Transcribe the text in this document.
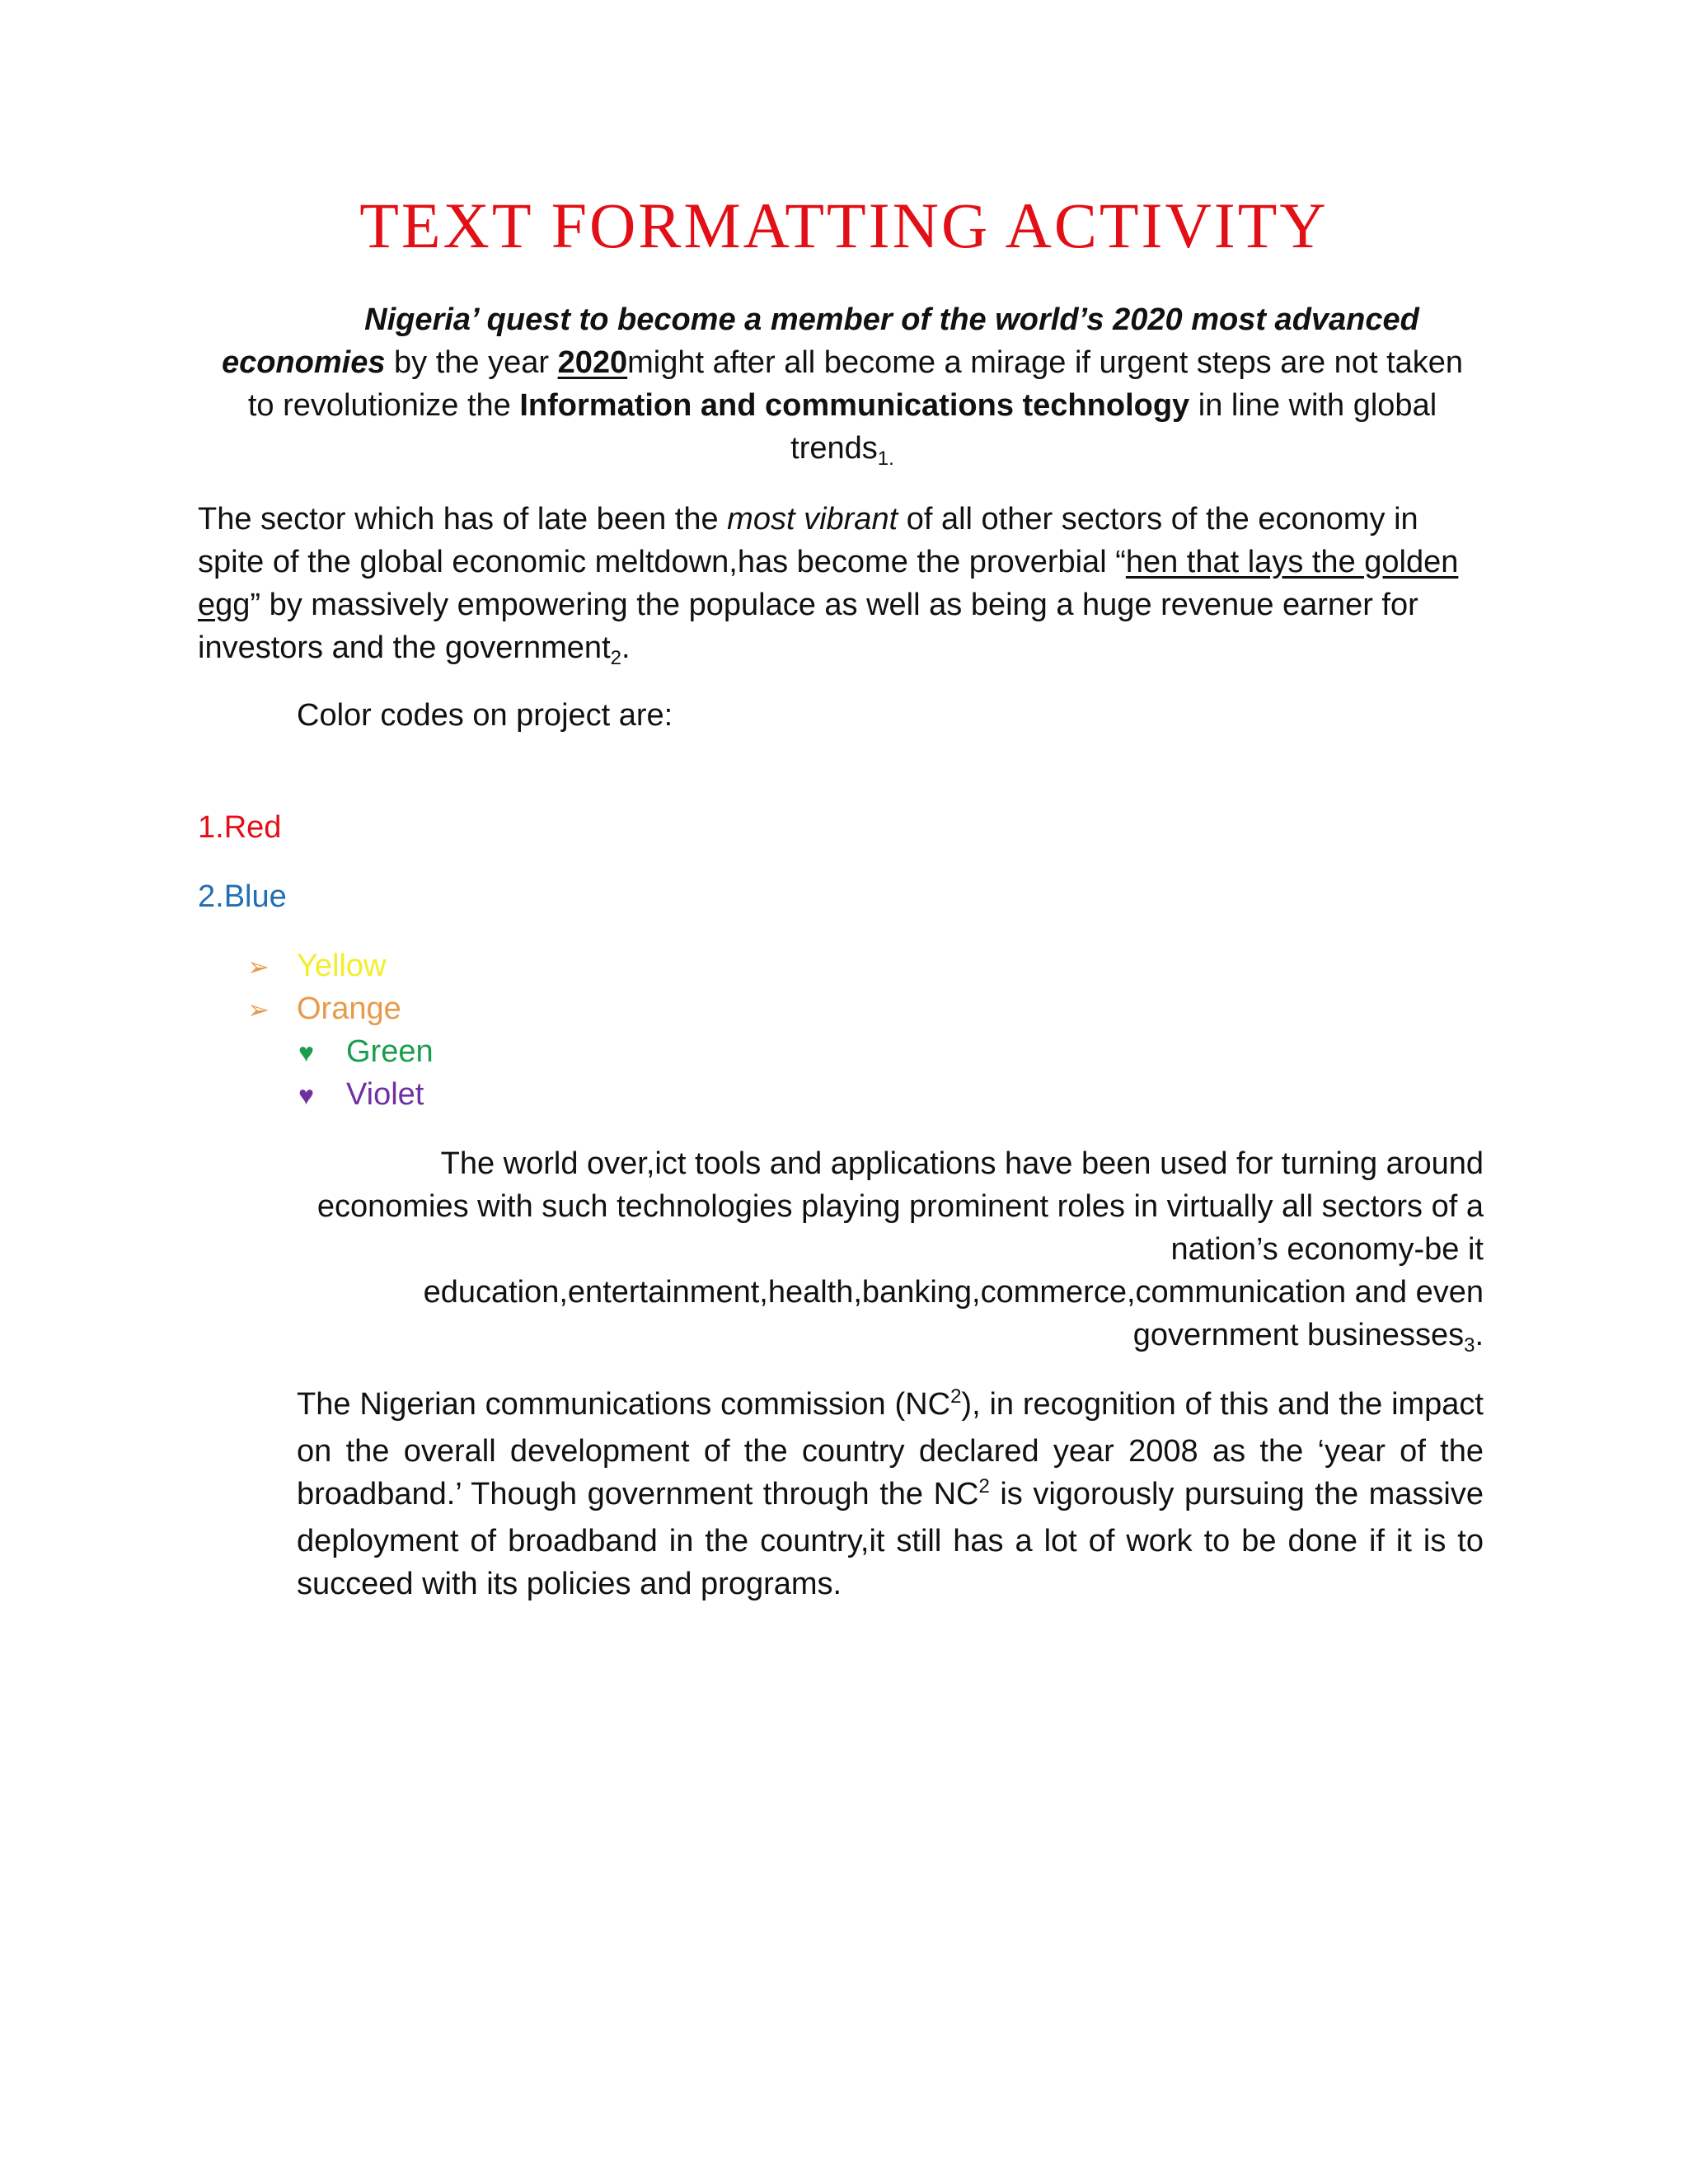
TEXT FORMATTING ACTIVITY
Nigeria’ quest to become a member of the world’s 2020 most advanced economies by the year 2020might after all become a mirage if urgent steps are not taken to revolutionize the Information and communications technology in line with global trends$_{1.}$
The sector which has of late been the most vibrant of all other sectors of the economy in spite of the global economic meltdown,has become the proverbial “hen that lays the golden egg” by massively empowering the populace as well as being a huge revenue earner for investors and the government$_2$.
Color codes on project are:
1.Red
2.Blue
➢ Yellow
➢ Orange
♥	Green
♥	Violet
The world over,ict tools and applications have been used for turning around economies with such technologies playing prominent roles in virtually all sectors of a nation’s economy-be it education,entertainment,health,banking,commerce,communication and even government businesses$_3$.
The Nigerian communications commission (NC$^2$), in recognition of this and the impact on the overall development of the country declared year 2008 as the ‘year of the broadband.’ Though government through the NC$^2$ is vigorously pursuing the massive deployment of broadband in the country,it still has a lot of work to be done if it is to succeed with its policies and programs.
